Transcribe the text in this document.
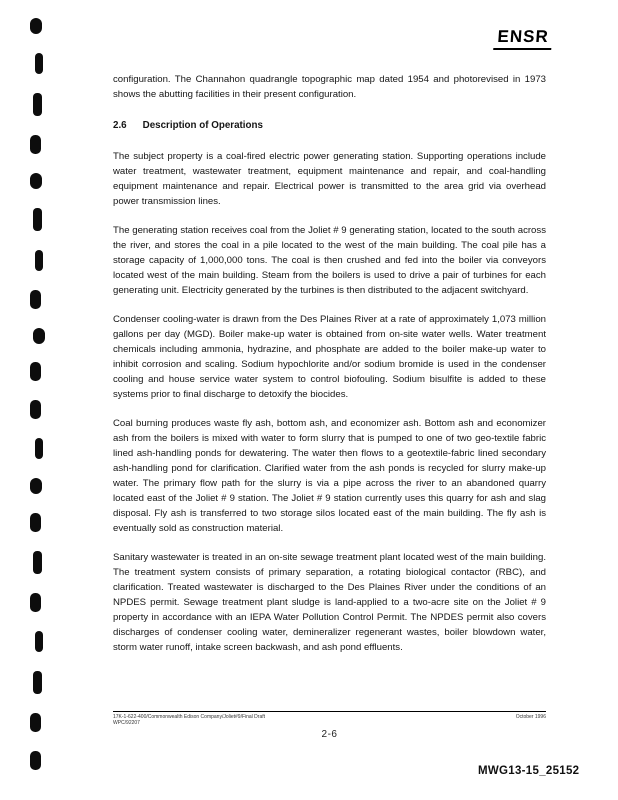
ENSR

configuration. The Channahon quadrangle topographic map dated 1954 and photorevised in 1973 shows the abutting facilities in their present configuration.

2.6 Description of Operations

The subject property is a coal-fired electric power generating station. Supporting operations include water treatment, wastewater treatment, equipment maintenance and repair, and coal-handling equipment maintenance and repair. Electrical power is transmitted to the area grid via overhead power transmission lines.

The generating station receives coal from the Joliet # 9 generating station, located to the south across the river, and stores the coal in a pile located to the west of the main building. The coal pile has a storage capacity of 1,000,000 tons. The coal is then crushed and fed into the boiler via conveyors located west of the main building. Steam from the boilers is used to drive a pair of turbines for each generating unit. Electricity generated by the turbines is then distributed to the adjacent switchyard.

Condenser cooling-water is drawn from the Des Plaines River at a rate of approximately 1,073 million gallons per day (MGD). Boiler make-up water is obtained from on-site water wells. Water treatment chemicals including ammonia, hydrazine, and phosphate are added to the boiler make-up water to inhibit corrosion and scaling. Sodium hypochlorite and/or sodium bromide is used in the condenser cooling and house service water system to control biofouling. Sodium bisulfite is added to these systems prior to final discharge to detoxify the biocides.

Coal burning produces waste fly ash, bottom ash, and economizer ash. Bottom ash and economizer ash from the boilers is mixed with water to form slurry that is pumped to one of two geo-textile fabric lined ash-handling ponds for dewatering. The water then flows to a geotextile-fabric lined secondary ash-handling pond for clarification. Clarified water from the ash ponds is recycled for slurry make-up water. The primary flow path for the slurry is via a pipe across the river to an abandoned quarry located east of the Joliet # 9 station. The Joliet # 9 station currently uses this quarry for ash and slag disposal. Fly ash is transferred to two storage silos located east of the main building. The fly ash is eventually sold as construction material.

Sanitary wastewater is treated in an on-site sewage treatment plant located west of the main building. The treatment system consists of primary separation, a rotating biological contactor (RBC), and clarification. Treated wastewater is discharged to the Des Plaines River under the conditions of an NPDES permit. Sewage treatment plant sludge is land-applied to a two-acre site on the Joliet # 9 property in accordance with an IEPA Water Pollution Control Permit. The NPDES permit also covers discharges of condenser cooling water, demineralizer regenerant wastes, boiler blowdown water, storm water runoff, intake screen backwash, and ash pond effluents.

17K-1-622-400/Commonwealth Edison Company/Joliet#9/Final Draft
WPC/92207
October 1996
2-6
MWG13-15_25152
